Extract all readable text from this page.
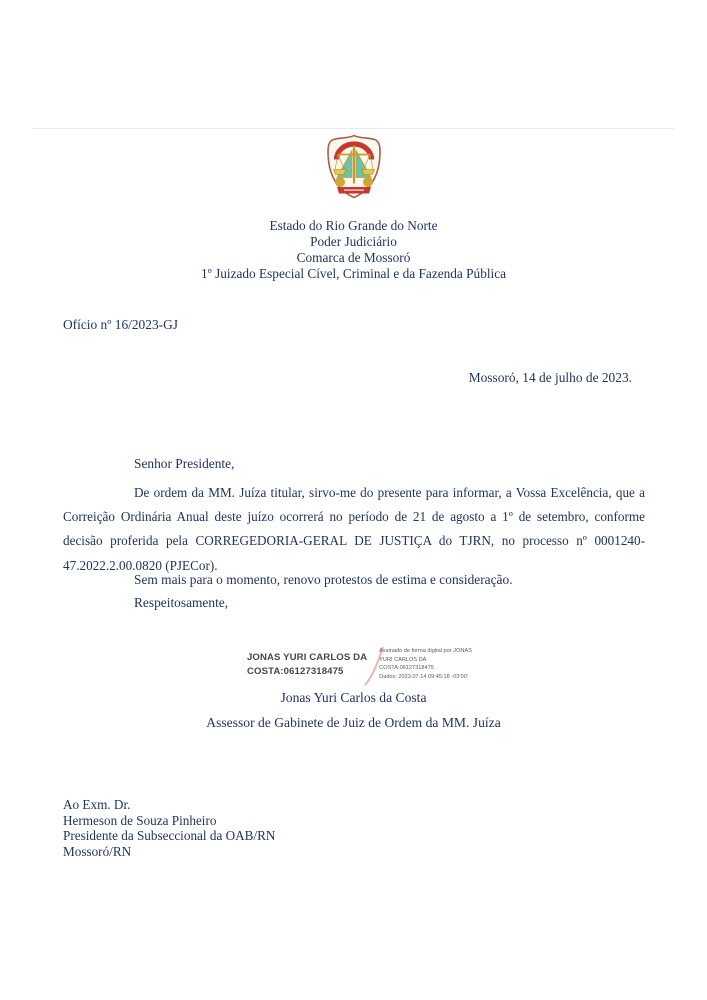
Estado do Rio Grande do Norte
Poder Judiciário
Comarca de Mossoró
1º Juizado Especial Cível, Criminal e da Fazenda Pública
Ofício nº 16/2023-GJ
Mossoró, 14 de julho de 2023.
Senhor Presidente,

De ordem da MM. Juíza titular, sirvo-me do presente para informar, a Vossa Excelência, que a Correição Ordinária Anual deste juízo ocorrerá no período de 21 de agosto a 1º de setembro, conforme decisão proferida pela CORREGEDORIA-GERAL DE JUSTIÇA do TJRN, no processo nº 0001240-47.2022.2.00.0820 (PJECor).

Sem mais para o momento, renovo protestos de estima e consideração.
Respeitosamente,
JONAS YURI CARLOS DA
COSTA:06127318475
Assinado de forma digital por JONAS
YURI CARLOS DA
COSTA:06127318475
Dados: 2023.07.14 09:45:18 -03'00'
Jonas Yuri Carlos da Costa
Assessor de Gabinete de Juiz de Ordem da MM. Juíza
Ao Exm. Dr.
Hermeson de Souza Pinheiro
Presidente da Subseccional da OAB/RN
Mossoró/RN
